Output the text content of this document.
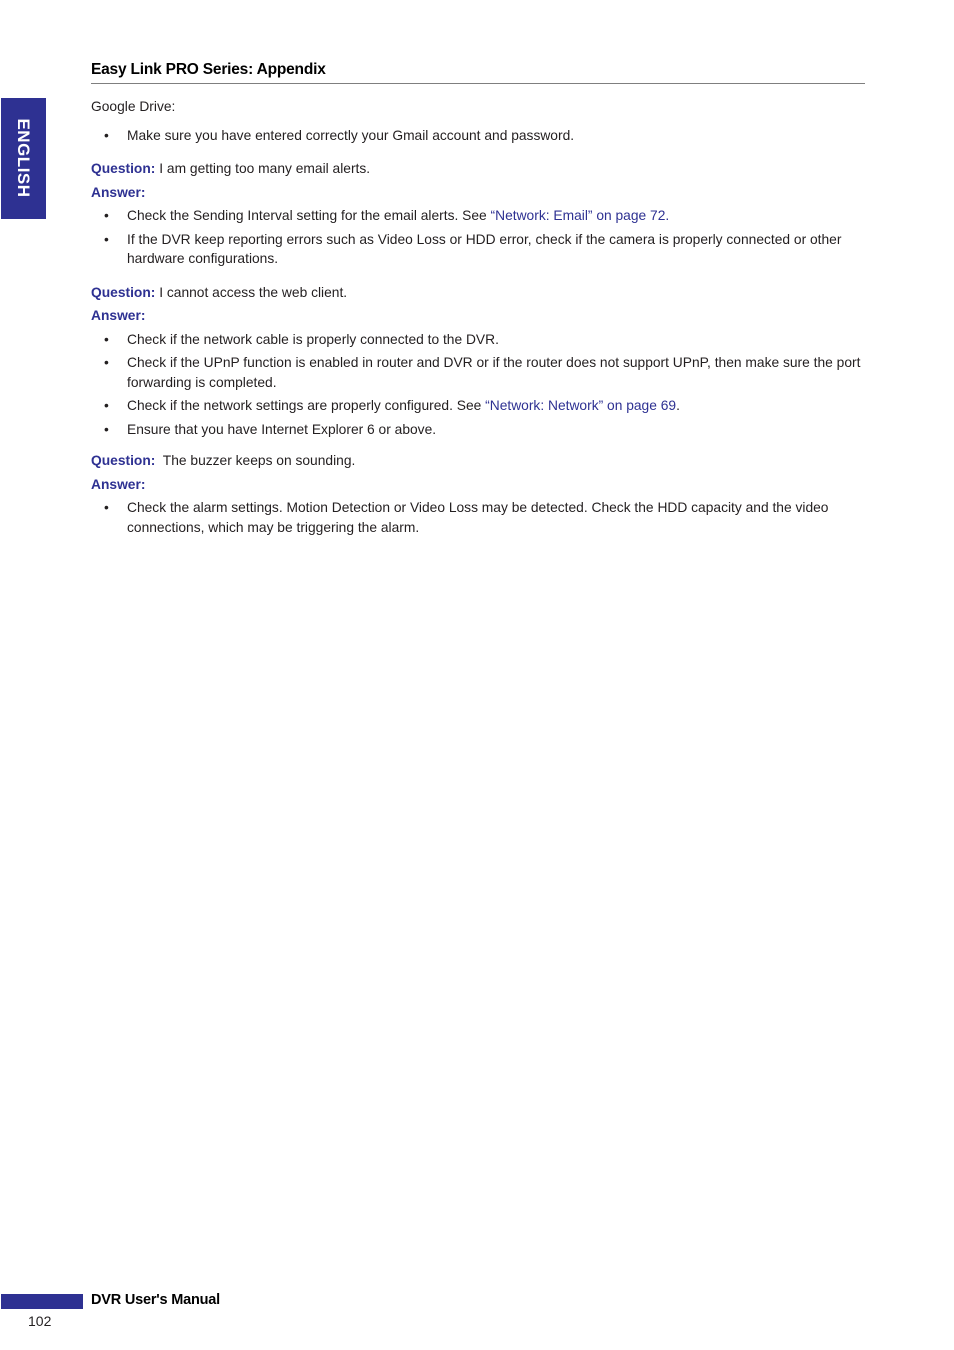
Easy Link PRO Series: Appendix
ENGLISH

Google Drive:

• Make sure you have entered correctly your Gmail account and password.

Question: I am getting too many email alerts.

Answer:

• Check the Sending Interval setting for the email alerts. See “Network: Email” on page 72.
• If the DVR keep reporting errors such as Video Loss or HDD error, check if the camera is properly connected or other hardware configurations.

Question: I cannot access the web client.

Answer:

• Check if the network cable is properly connected to the DVR.
• Check if the UPnP function is enabled in router and DVR or if the router does not support UPnP, then make sure the port forwarding is completed.
• Check if the network settings are properly configured. See “Network: Network” on page 69.
• Ensure that you have Internet Explorer 6 or above.

Question:  The buzzer keeps on sounding.

Answer:

• Check the alarm settings. Motion Detection or Video Loss may be detected. Check the HDD capacity and the video connections, which may be triggering the alarm.
DVR User's Manual
102
